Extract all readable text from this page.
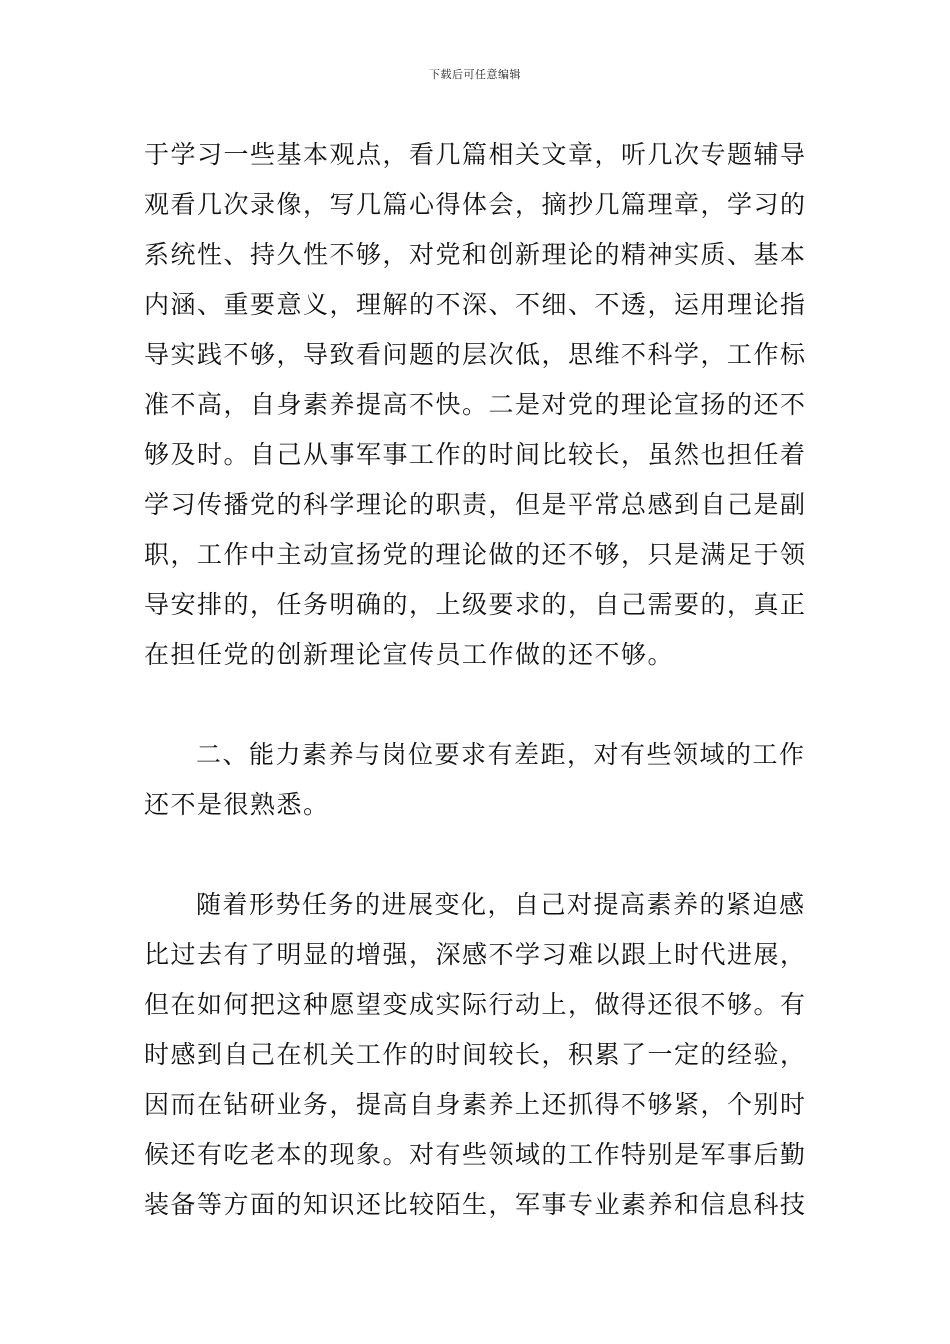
下载后可任意编辑
于学习一些基本观点，看几篇相关文章，听几次专题辅导
观看几次录像，写几篇心得体会，摘抄几篇理章，学习的
系统性、持久性不够，对党和创新理论的精神实质、基本
内涵、重要意义，理解的不深、不细、不透，运用理论指
导实践不够，导致看问题的层次低，思维不科学，工作标
准不高，自身素养提高不快。二是对党的理论宣扬的还不
够及时。自己从事军事工作的时间比较长，虽然也担任着
学习传播党的科学理论的职责，但是平常总感到自己是副
职，工作中主动宣扬党的理论做的还不够，只是满足于领
导安排的，任务明确的，上级要求的，自己需要的，真正
在担任党的创新理论宣传员工作做的还不够。
二、能力素养与岗位要求有差距，对有些领域的工作
还不是很熟悉。
随着形势任务的进展变化，自己对提高素养的紧迫感
比过去有了明显的增强，深感不学习难以跟上时代进展，
但在如何把这种愿望变成实际行动上，做得还很不够。有
时感到自己在机关工作的时间较长，积累了一定的经验，
因而在钻研业务，提高自身素养上还抓得不够紧，个别时
候还有吃老本的现象。对有些领域的工作特别是军事后勤
装备等方面的知识还比较陌生，军事专业素养和信息科技
